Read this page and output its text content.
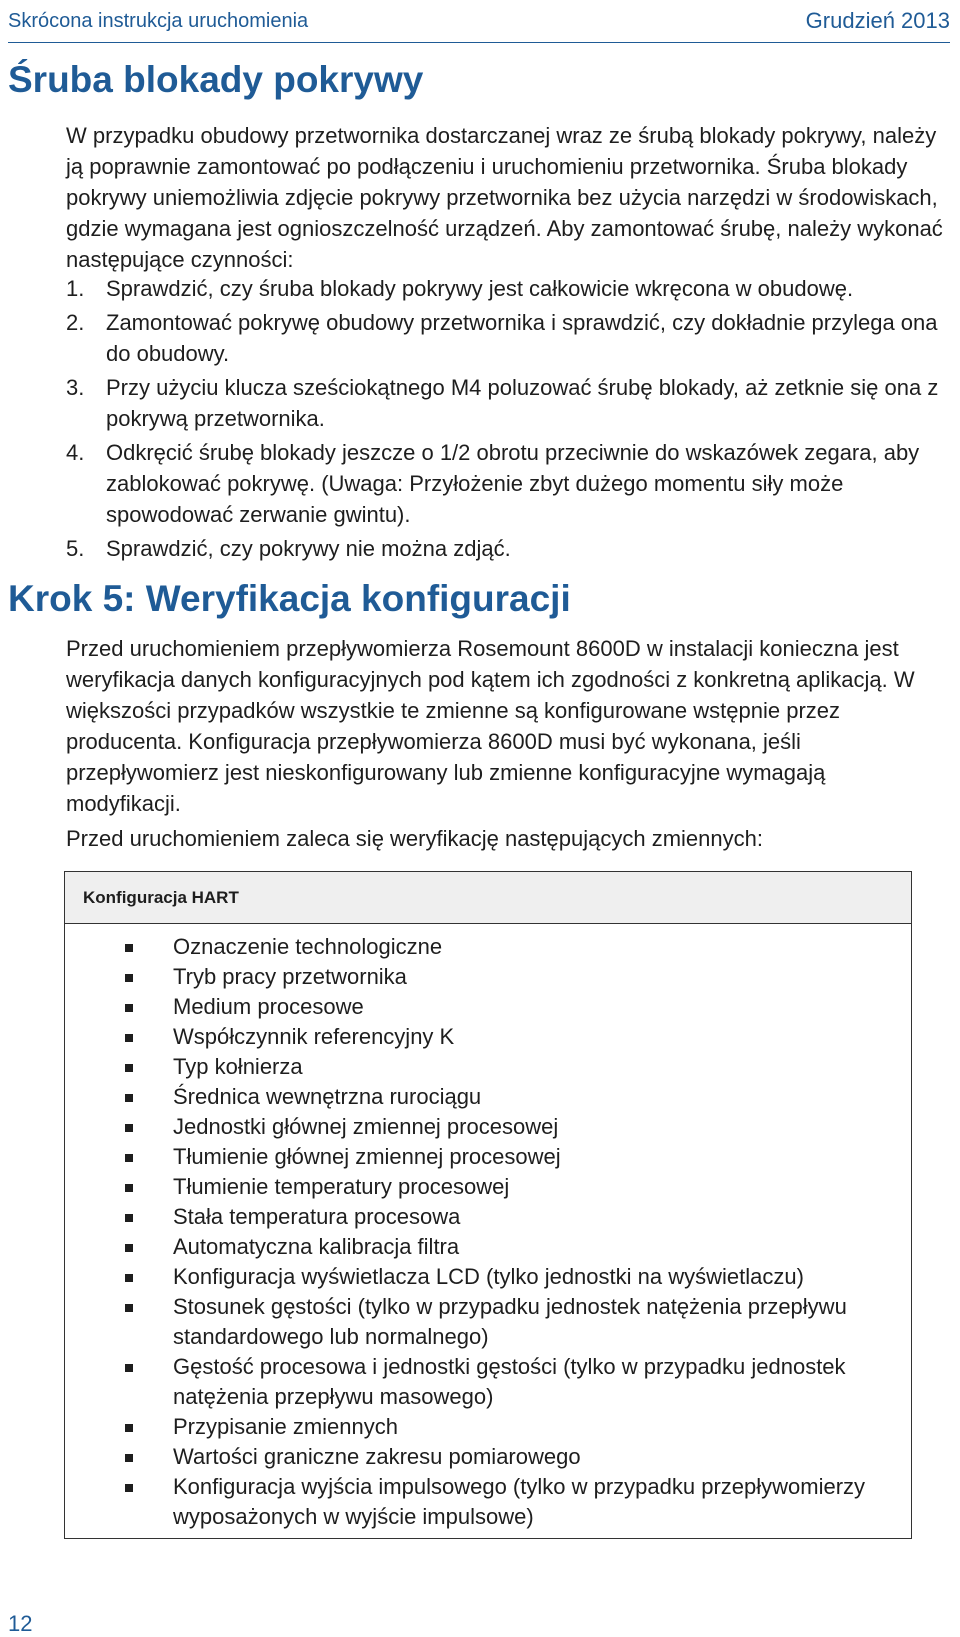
Skrócona instrukcja uruchomienia	Grudzień 2013
Śruba blokady pokrywy

W przypadku obudowy przetwornika dostarczanej wraz ze śrubą blokady pokrywy, należy ją poprawnie zamontować po podłączeniu i uruchomieniu przetwornika. Śruba blokady pokrywy uniemożliwia zdjęcie pokrywy przetwornika bez użycia narzędzi w środowiskach, gdzie wymagana jest ognioszczelność urządzeń. Aby zamontować śrubę, należy wykonać następujące czynności:

1. Sprawdzić, czy śruba blokady pokrywy jest całkowicie wkręcona w obudowę.
2. Zamontować pokrywę obudowy przetwornika i sprawdzić, czy dokładnie przylega ona do obudowy.
3. Przy użyciu klucza sześciokątnego M4 poluzować śrubę blokady, aż zetknie się ona z pokrywą przetwornika.
4. Odkręcić śrubę blokady jeszcze o 1/2 obrotu przeciwnie do wskazówek zegara, aby zablokować pokrywę. (Uwaga: Przyłożenie zbyt dużego momentu siły może spowodować zerwanie gwintu).
5. Sprawdzić, czy pokrywy nie można zdjąć.
Krok 5: Weryfikacja konfiguracji

Przed uruchomieniem przepływomierza Rosemount 8600D w instalacji konieczna jest weryfikacja danych konfiguracyjnych pod kątem ich zgodności z konkretną aplikacją. W większości przypadków wszystkie te zmienne są konfigurowane wstępnie przez producenta. Konfiguracja przepływomierza 8600D musi być wykonana, jeśli przepływomierz jest nieskonfigurowany lub zmienne konfiguracyjne wymagają modyfikacji.

Przed uruchomieniem zaleca się weryfikację następujących zmiennych:

Konfiguracja HART
Oznaczenie technologiczne
Tryb pracy przetwornika
Medium procesowe
Współczynnik referencyjny K
Typ kołnierza
Średnica wewnętrzna rurociągu
Jednostki głównej zmiennej procesowej
Tłumienie głównej zmiennej procesowej
Tłumienie temperatury procesowej
Stała temperatura procesowa
Automatyczna kalibracja filtra
Konfiguracja wyświetlacza LCD (tylko jednostki na wyświetlaczu)
Stosunek gęstości (tylko w przypadku jednostek natężenia przepływu standardowego lub normalnego)
Gęstość procesowa i jednostki gęstości (tylko w przypadku jednostek natężenia przepływu masowego)
Przypisanie zmiennych
Wartości graniczne zakresu pomiarowego
Konfiguracja wyjścia impulsowego (tylko w przypadku przepływomierzy wyposażonych w wyjście impulsowe)
12
